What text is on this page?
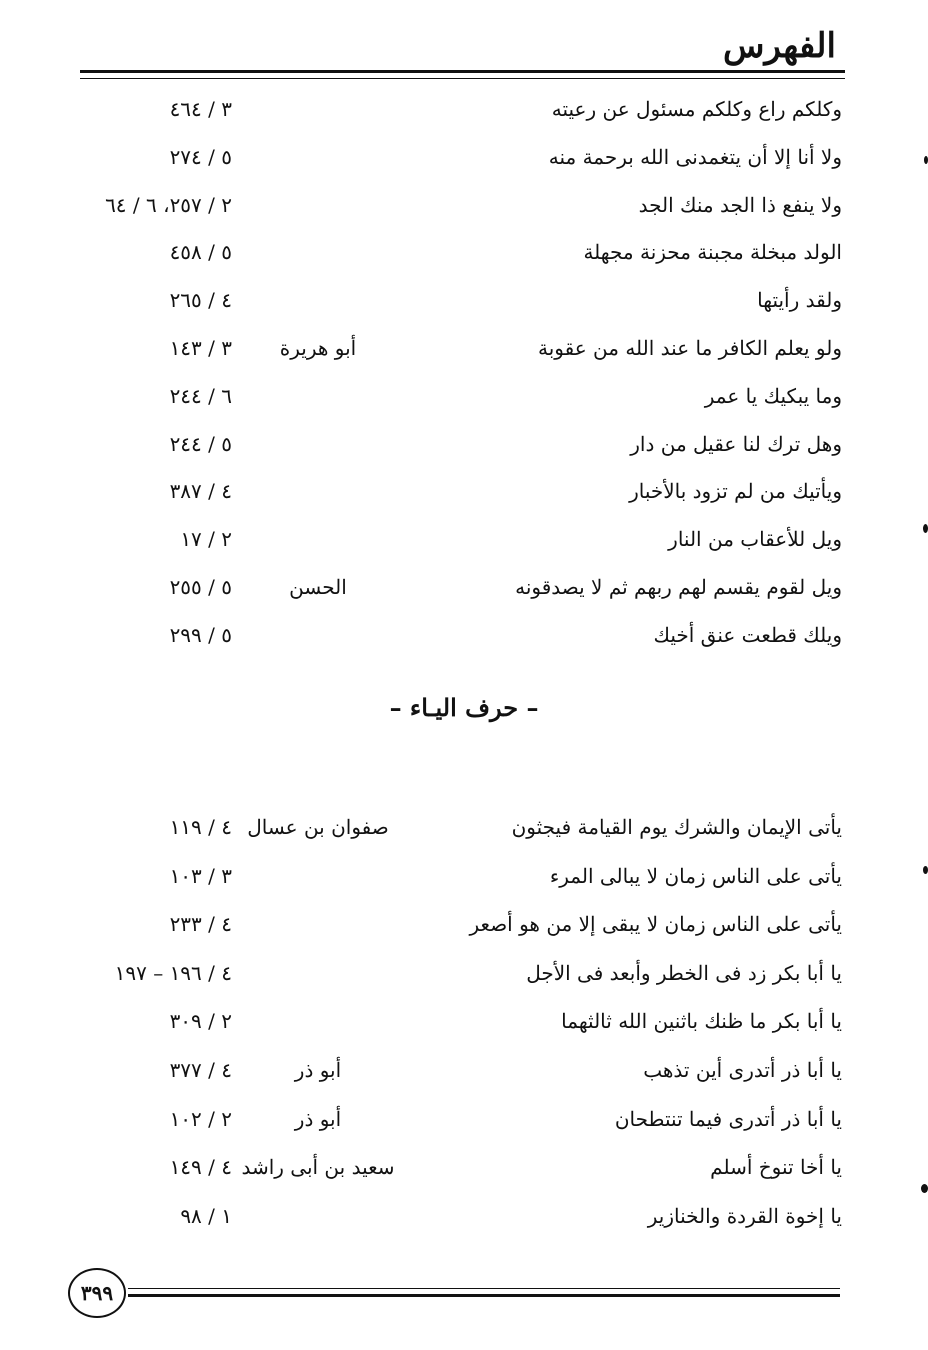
الفهرس
وكلكم راع وكلكم مسئول عن رعيته
٣ / ٤٦٤
ولا أنا إلا أن يتغمدنى الله برحمة منه
٥ / ٢٧٤
ولا ينفع ذا الجد منك الجد
٢ / ٢٥٧، ٦ / ٦٤
الولد مبخلة مجبنة محزنة مجهلة
٥ / ٤٥٨
ولقد رأيتها
٤ / ٢٦٥
ولو يعلم الكافر ما عند الله من عقوبة
أبو هريرة
٣ / ١٤٣
وما يبكيك يا عمر
٦ / ٢٤٤
وهل ترك لنا عقيل من دار
٥ / ٢٤٤
ويأتيك من لم تزود بالأخبار
٤ / ٣٨٧
ويل للأعقاب من النار
٢ / ١٧
ويل لقوم يقسم لهم ربهم ثم لا يصدقونه
الحسن
٥ / ٢٥٥
ويلك قطعت عنق أخيك
٥ / ٢٩٩
– حرف اليـاء –
يأتى الإيمان والشرك يوم القيامة فيجثون
صفوان بن عسال
٤ / ١١٩
يأتى على الناس زمان لا يبالى المرء
٣ / ١٠٣
يأتى على الناس زمان لا يبقى إلا من هو أصعر
٤ / ٢٣٣
يا أبا بكر زد فى الخطر وأبعد فى الأجل
٤ / ١٩٦ – ١٩٧
يا أبا بكر ما ظنك باثنين الله ثالثهما
٢ / ٣٠٩
يا أبا ذر أتدرى أين تذهب
أبو ذر
٤ / ٣٧٧
يا أبا ذر أتدرى فيما تنتطحان
أبو ذر
٢ / ١٠٢
يا أخا تنوخ أسلم
سعيد بن أبى راشد
٤ / ١٤٩
يا إخوة القردة والخنازير
١ / ٩٨
٣٩٩
